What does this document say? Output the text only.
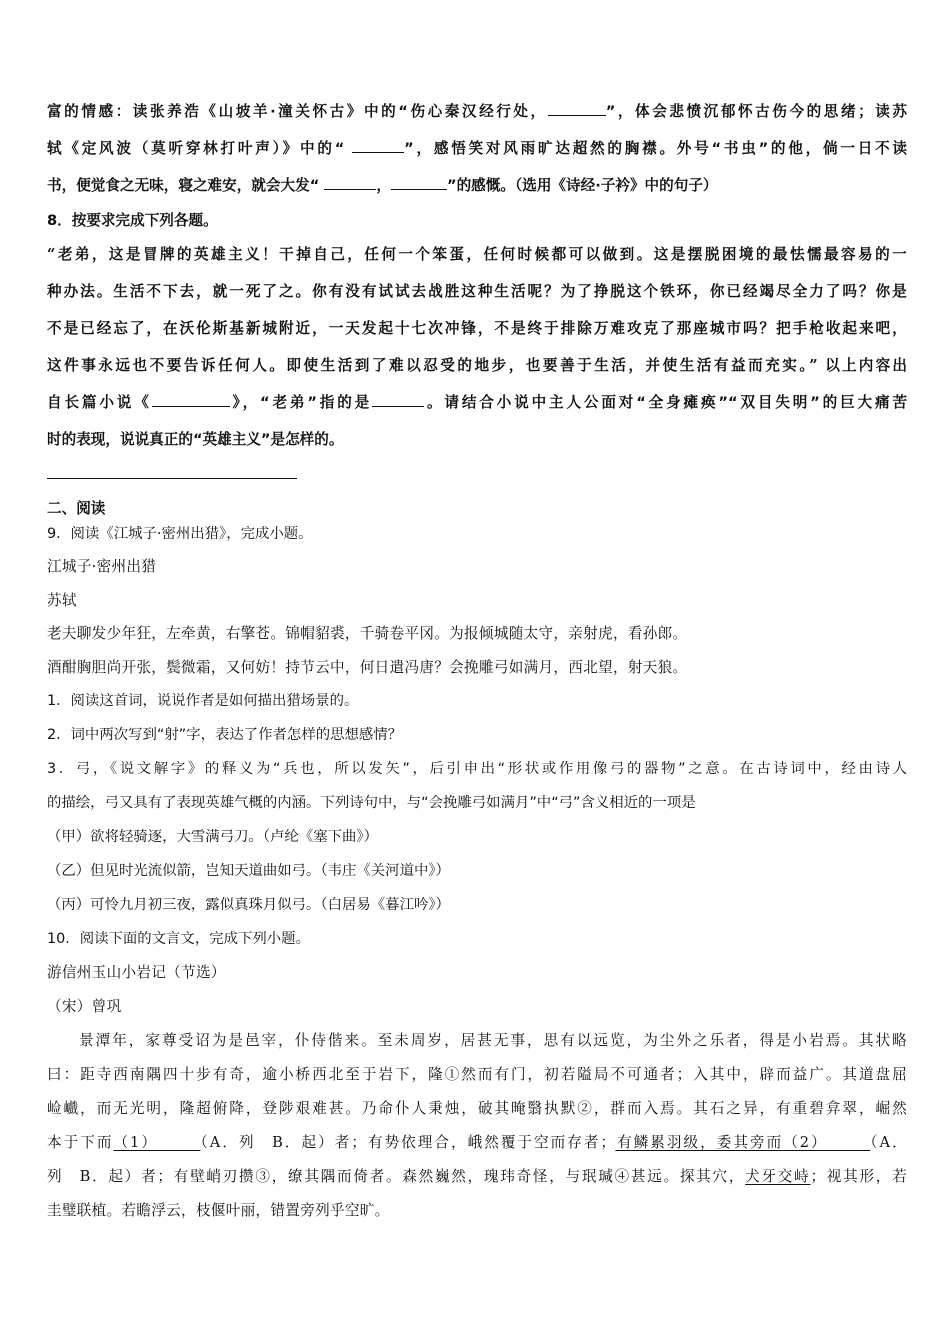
富的情感：读张养浩《山坡羊·潼关怀古》中的“伤心秦汉经行处，	”，体会悲愤沉郁怀古伤今的思绪；读苏
轼《定风波（莫听穿林打叶声）》中的“	”，感悟笑对风雨旷达超然的胸襟。外号“书虫”的他，倘一日不读
书，便觉食之无味，寝之难安，就会大发“	，	”的感慨。（选用《诗经·子衿》中的句子）
8．按要求完成下列各题。
“老弟，这是冒牌的英雄主义！干掉自己，任何一个笨蛋，任何时候都可以做到。这是摆脱困境的最怯懦最容易的一
种办法。生活不下去，就一死了之。你有没有试试去战胜这种生活呢？为了挣脱这个铁环，你已经竭尽全力了吗？你是
不是已经忘了，在沃伦斯基新城附近，一天发起十七次冲锋，不是终于排除万难攻克了那座城市吗？把手枪收起来吧，
这件事永远也不要告诉任何人。即使生活到了难以忍受的地步，也要善于生活，并使生活有益而充实。” 以上内容出
自长篇小说《	》，“老弟”指的是	。请结合小说中主人公面对“全身瘫痪”“双目失明”的巨大痛苦
时的表现，说说真正的“英雄主义”是怎样的。
二、阅读
9．阅读《江城子·密州出猎》，完成小题。
江城子·密州出猎
苏轼
老夫聊发少年狂，左牵黄，右擎苍。锦帽貂裘，千骑卷平冈。为报倾城随太守，亲射虎，看孙郎。
酒酣胸胆尚开张，鬓微霜，又何妨！持节云中，何日遣冯唐？会挽雕弓如满月，西北望，射天狼。
1．阅读这首词，说说作者是如何描出猎场景的。
2．词中两次写到“射”字，表达了作者怎样的思想感情？
3．弓，《说文解字》的释义为“兵也，所以发矢”，后引申出“形状或作用像弓的器物”之意。在古诗词中，经由诗人
的描绘，弓又具有了表现英雄气概的内涵。下列诗句中，与“会挽雕弓如满月”中“弓”含义相近的一项是
（甲）欲将轻骑逐，大雪满弓刀。（卢纶《塞下曲》）
（乙）但见时光流似箭，岂知天道曲如弓。（韦庄《关河道中》）
（丙）可怜九月初三夜，露似真珠月似弓。（白居易《暮江吟》）
10．阅读下面的文言文，完成下列小题。
游信州玉山小岩记（节选）
（宋）曾巩
景潭年，家尊受诏为是邑宰，仆侍偕来。至未周岁，居甚无事，思有以远览，为尘外之乐者，得是小岩焉。其状略
曰：距寺西南隅四十步有奇，逾小桥西北至于岩下，隆①然而有门，初若隘局不可通者；入其中，辟而益广。其道盘屈
崄巇，而无光明，隆超俯降，登陟艰难甚。乃命仆人秉烛，破其晻翳执默②，群而入焉。其石之异，有重碧弇翠，崛然
本于下而（1）　　　	（A．列　B．起）者；有势依理合，峨然覆于空而存者；有鳞累羽级，委其旁而（2）　　　	（A．
列　B．起）者；有壁峭刃攒③，缭其隅而倚者。森然巍然，瑰玮奇怪，与珉瑊④甚远。探其穴，犬牙交峙；视其形，若
圭璧联植。若瞻浮云，枝偃叶丽，错置旁列乎空旷。
